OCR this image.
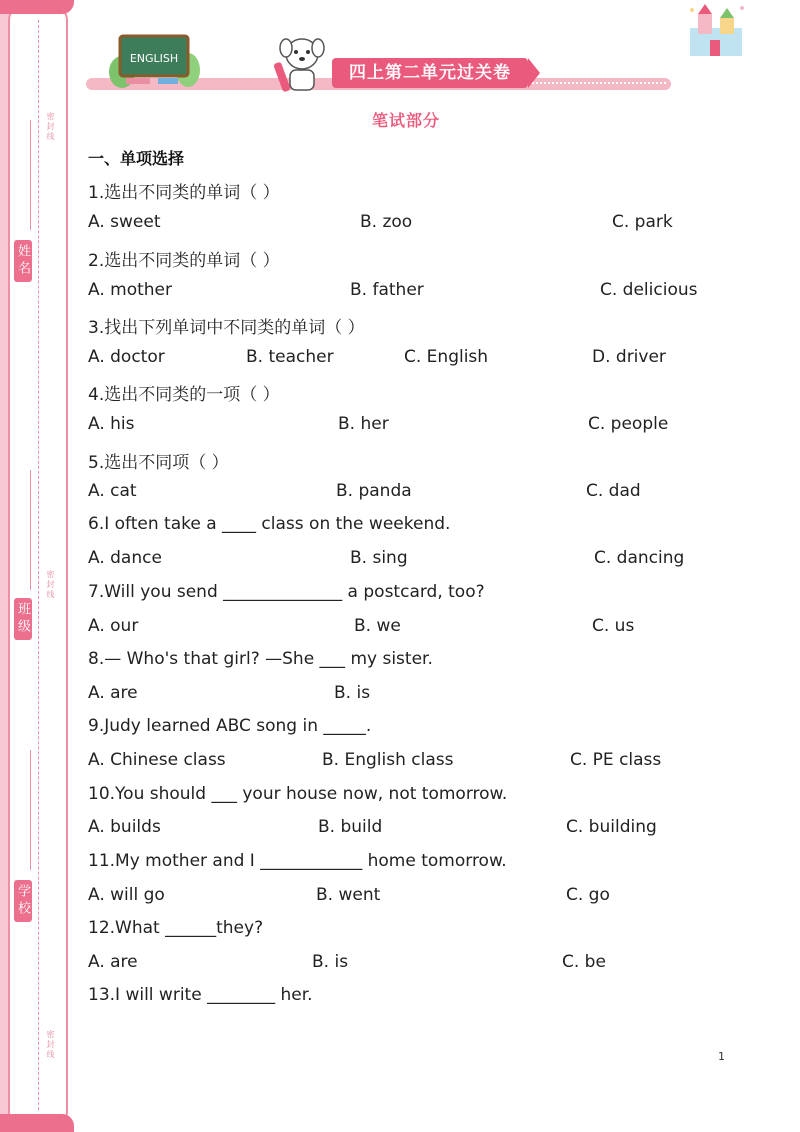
密封线
密封线
密封线
姓名
班级
学校
ENGLISH
四上第二单元过关卷
笔试部分
一、单项选择
1.选出不同类的单词（ ）
A. sweet	B. zoo	C. park
2.选出不同类的单词（ ）
A. mother	B. father	C. delicious
3.找出下列单词中不同类的单词（ ）
A. doctor	B. teacher	C. English	D. driver
4.选出不同类的一项（ ）
A. his	B. her	C. people
5.选出不同项（ ）
A. cat	B. panda	C. dad
6.I often take a ____ class on the weekend.
A. dance	B. sing	C. dancing
7.Will you send ______________ a postcard, too?
A. our	B. we	C. us
8.— Who's that girl? —She ___ my sister.
A. are	B. is
9.Judy learned ABC song in _____.
A. Chinese class	B. English class	C. PE class
10.You should ___ your house now, not tomorrow.
A. builds	B. build	C. building
11.My mother and I ____________ home tomorrow.
A. will go	B. went	C. go
12.What ______they?
A. are	B. is	C. be
13.I will write ________ her.
1
